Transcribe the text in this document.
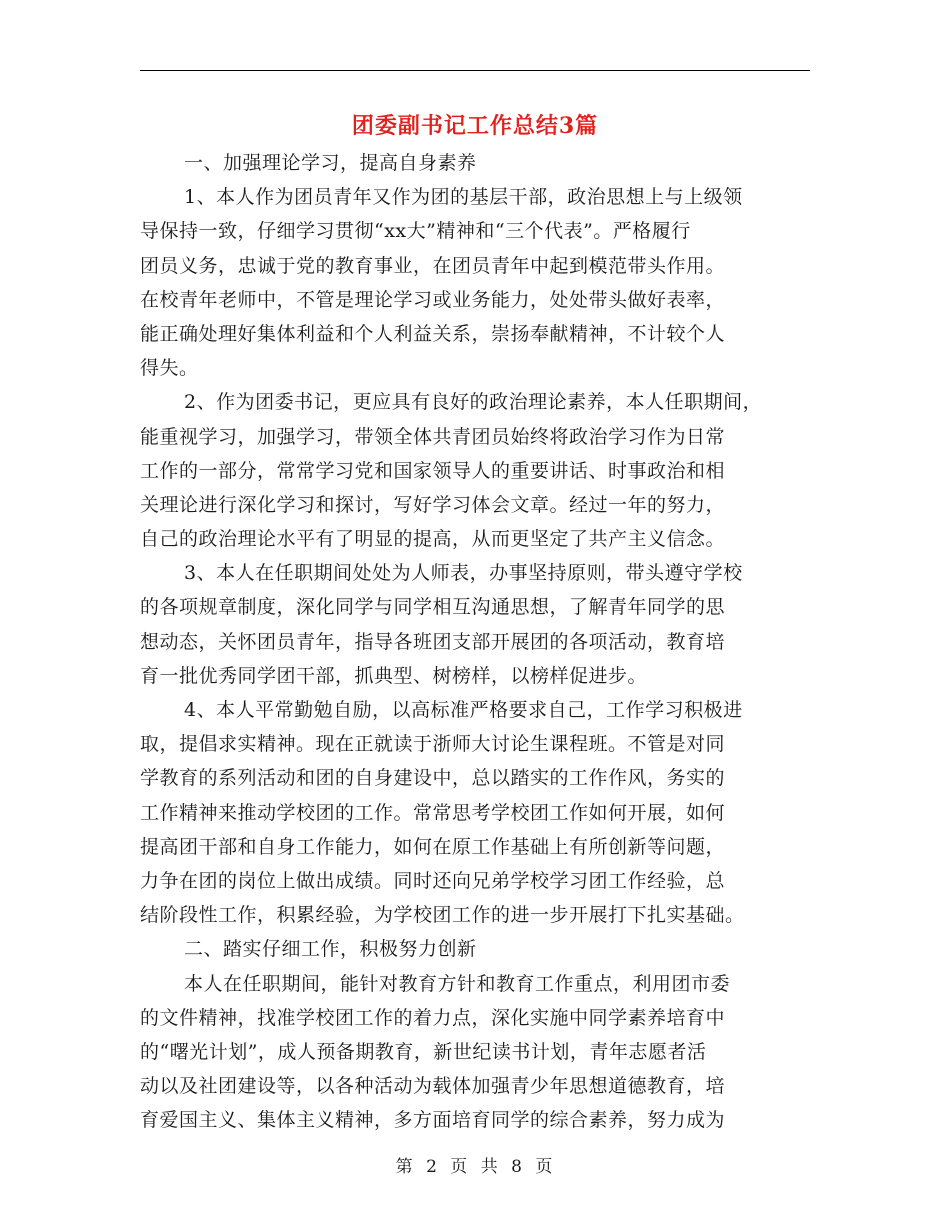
团委副书记工作总结3篇
一、加强理论学习，提高自身素养
1、本人作为团员青年又作为团的基层干部，政治思想上与上级领
导保持一致，仔细学习贯彻“xx大”精神和“三个代表”。严格履行
团员义务，忠诚于党的教育事业，在团员青年中起到模范带头作用。
在校青年老师中，不管是理论学习或业务能力，处处带头做好表率，
能正确处理好集体利益和个人利益关系，崇扬奉献精神，不计较个人
得失。
2、作为团委书记，更应具有良好的政治理论素养，本人任职期间，
能重视学习，加强学习，带领全体共青团员始终将政治学习作为日常
工作的一部分，常常学习党和国家领导人的重要讲话、时事政治和相
关理论进行深化学习和探讨，写好学习体会文章。经过一年的努力，
自己的政治理论水平有了明显的提高，从而更坚定了共产主义信念。
3、本人在任职期间处处为人师表，办事坚持原则，带头遵守学校
的各项规章制度，深化同学与同学相互沟通思想，了解青年同学的思
想动态，关怀团员青年，指导各班团支部开展团的各项活动，教育培
育一批优秀同学团干部，抓典型、树榜样，以榜样促进步。
4、本人平常勤勉自励，以高标准严格要求自己，工作学习积极进
取，提倡求实精神。现在正就读于浙师大讨论生课程班。不管是对同
学教育的系列活动和团的自身建设中，总以踏实的工作作风，务实的
工作精神来推动学校团的工作。常常思考学校团工作如何开展，如何
提高团干部和自身工作能力，如何在原工作基础上有所创新等问题，
力争在团的岗位上做出成绩。同时还向兄弟学校学习团工作经验，总
结阶段性工作，积累经验，为学校团工作的进一步开展打下扎实基础。
二、踏实仔细工作，积极努力创新
本人在任职期间，能针对教育方针和教育工作重点，利用团市委
的文件精神，找准学校团工作的着力点，深化实施中同学素养培育中
的“曙光计划”，成人预备期教育，新世纪读书计划，青年志愿者活
动以及社团建设等，以各种活动为载体加强青少年思想道德教育，培
育爱国主义、集体主义精神，多方面培育同学的综合素养，努力成为
第 2 页 共 8 页
